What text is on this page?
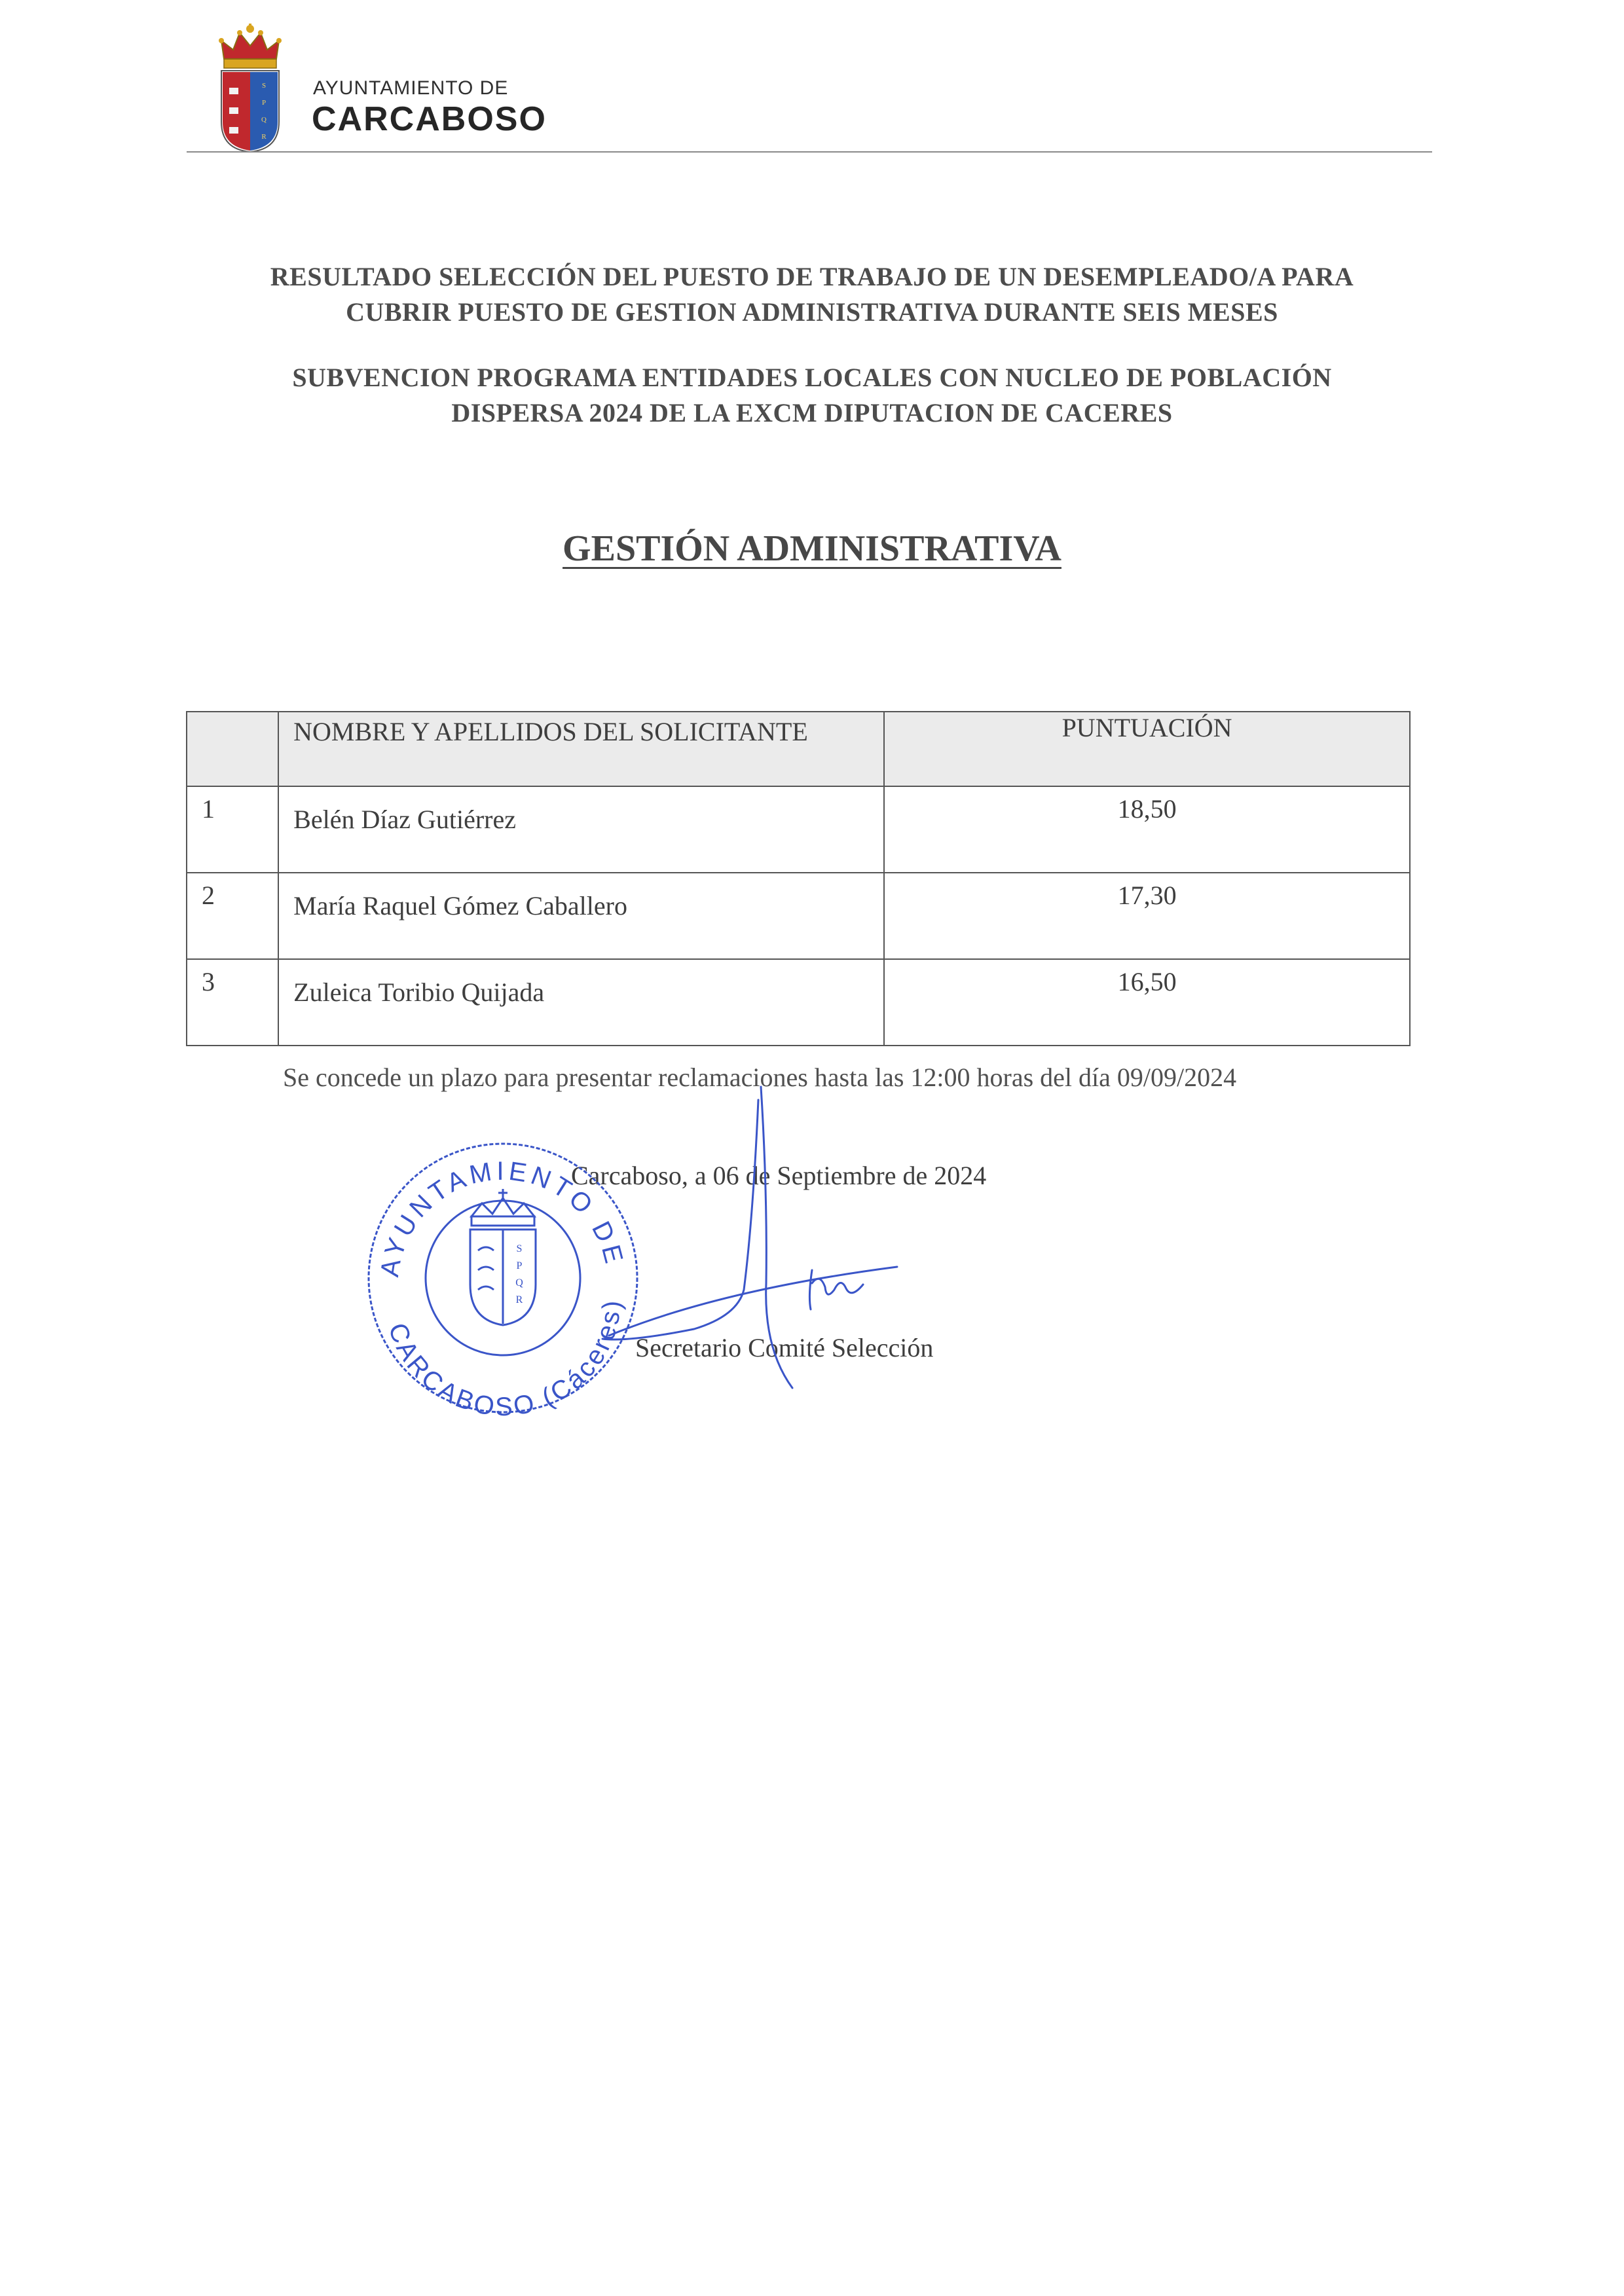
S
P
Q
R
AYUNTAMIENTO DE
CARCABOSO
RESULTADO SELECCIÓN DEL PUESTO DE TRABAJO DE UN DESEMPLEADO/A PARA
CUBRIR PUESTO DE GESTION ADMINISTRATIVA DURANTE SEIS MESES
SUBVENCION PROGRAMA ENTIDADES LOCALES CON NUCLEO DE POBLACIÓN
DISPERSA 2024 DE LA EXCM DIPUTACION DE CACERES
GESTIÓN ADMINISTRATIVA
	NOMBRE Y APELLIDOS DEL SOLICITANTE	PUNTUACIÓN
1	Belén Díaz Gutiérrez	18,50
2	María Raquel Gómez Caballero	17,30
3	Zuleica Toribio Quijada	16,50
Se concede un plazo para presentar reclamaciones hasta las 12:00 horas del día 09/09/2024
Carcaboso, a 06 de Septiembre de 2024
Secretario Comité Selección
AYUNTAMIENTO DE
CARCABOSO (Cáceres)
S
P
Q
R
